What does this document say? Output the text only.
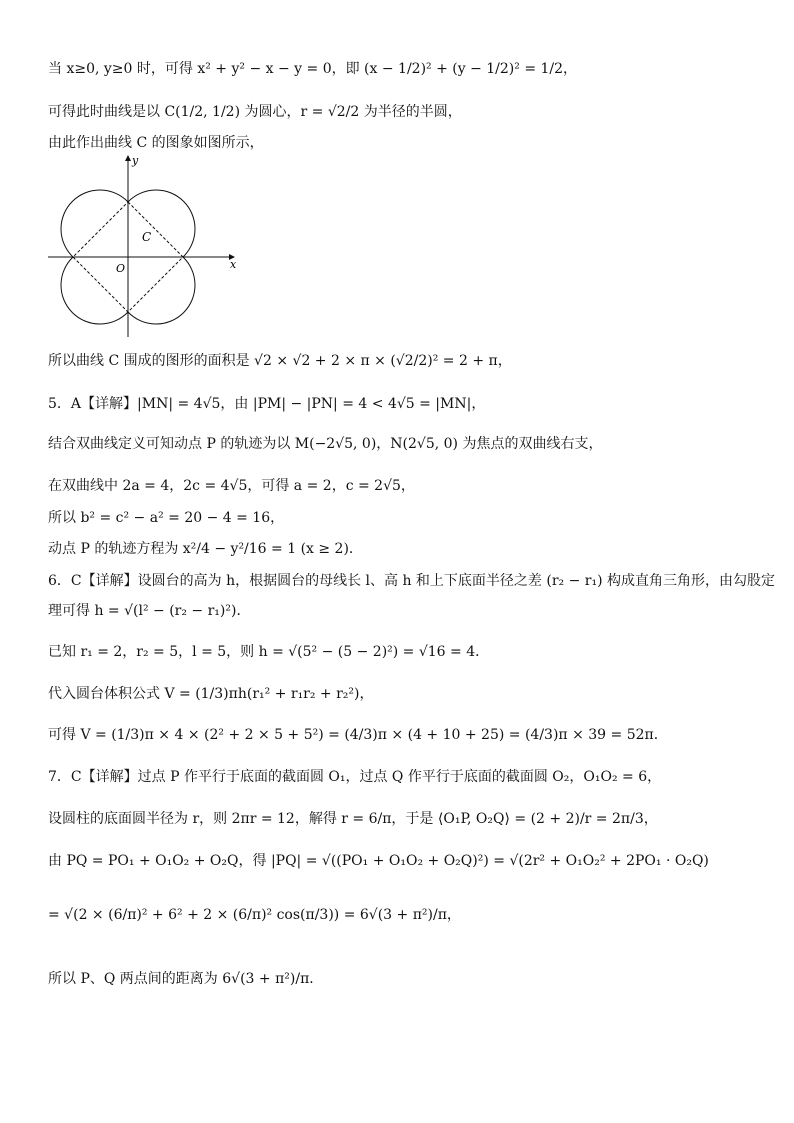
当 x≥0, y≥0 时，可得 x² + y² − x − y = 0，即 (x − 1/2)² + (y − 1/2)² = 1/2，
可得此时曲线是以 C(1/2, 1/2) 为圆心，r = √2/2 为半径的半圆，
由此作出曲线 C 的图象如图所示，
y
x
C
O
所以曲线 C 围成的图形的面积是 √2 × √2 + 2 × π × (√2/2)² = 2 + π，
5．A【详解】|MN| = 4√5，由 |PM| − |PN| = 4 < 4√5 = |MN|，
结合双曲线定义可知动点 P 的轨迹为以 M(−2√5, 0)，N(2√5, 0) 为焦点的双曲线右支，
在双曲线中 2a = 4，2c = 4√5，可得 a = 2，c = 2√5，
所以 b² = c² − a² = 20 − 4 = 16，
动点 P 的轨迹方程为 x²/4 − y²/16 = 1 (x ≥ 2)．
6．C【详解】设圆台的高为 h，根据圆台的母线长 l、高 h 和上下底面半径之差 (r₂ − r₁) 构成直角三角形，由勾股定
理可得 h = √(l² − (r₂ − r₁)²)．
已知 r₁ = 2，r₂ = 5，l = 5，则 h = √(5² − (5 − 2)²) = √16 = 4．
代入圆台体积公式 V = (1/3)πh(r₁² + r₁r₂ + r₂²)，
可得 V = (1/3)π × 4 × (2² + 2 × 5 + 5²) = (4/3)π × (4 + 10 + 25) = (4/3)π × 39 = 52π．
7．C【详解】过点 P 作平行于底面的截面圆 O₁，过点 Q 作平行于底面的截面圆 O₂，O₁O₂ = 6，
设圆柱的底面圆半径为 r，则 2πr = 12，解得 r = 6/π，于是 ⟨O₁P, O₂Q⟩ = (2 + 2)/r = 2π/3，
由 PQ = PO₁ + O₁O₂ + O₂Q，得 |PQ| = √((PO₁ + O₁O₂ + O₂Q)²) = √(2r² + O₁O₂² + 2PO₁ · O₂Q)
= √(2 × (6/π)² + 6² + 2 × (6/π)² cos(π/3)) = 6√(3 + π²)/π，
所以 P、Q 两点间的距离为 6√(3 + π²)/π．
